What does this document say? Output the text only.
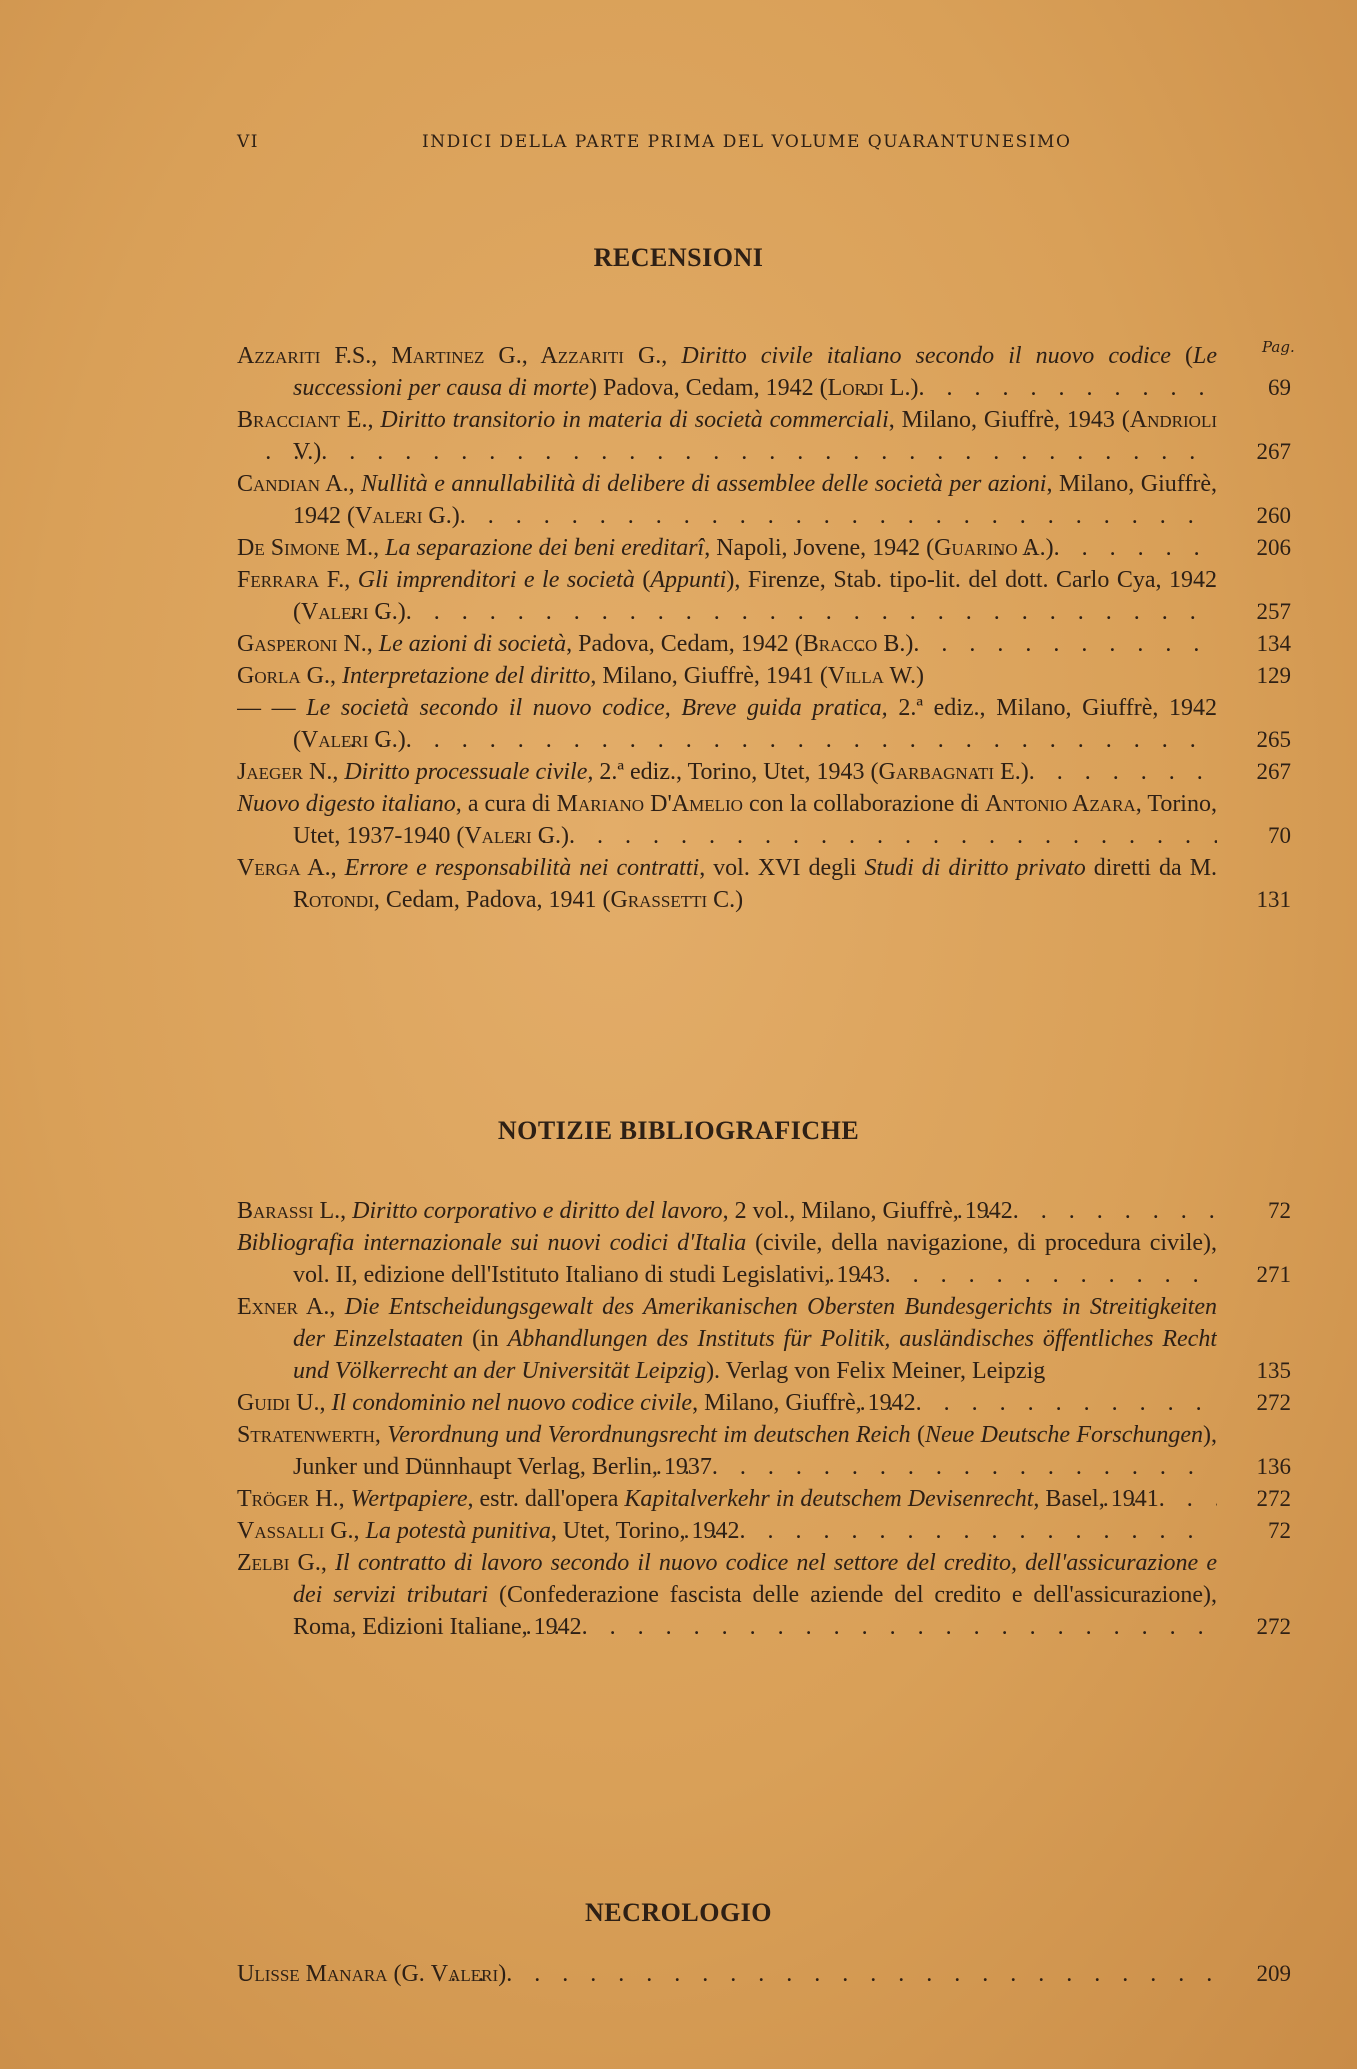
VI	INDICI DELLA PARTE PRIMA DEL VOLUME QUARANTUNESIMO
RECENSIONI
Pag.
Azzariti F.S., Martinez G., Azzariti G., Diritto civile italiano secondo il nuovo codice (Le successioni per causa di morte) Padova, Cedam, 1942 (Lordi L.)	69
Bracciant E., Diritto transitorio in materia di società commerciali, Milano, Giuffrè, 1943 (Andrioli V.)	267
Candian A., Nullità e annullabilità di delibere di assemblee delle società per azioni, Milano, Giuffrè, 1942 (Valeri G.)	260
De Simone M., La separazione dei beni ereditarî, Napoli, Jovene, 1942 (Guarino A.)	206
Ferrara F., Gli imprenditori e le società (Appunti), Firenze, Stab. tipo-lit. del dott. Carlo Cya, 1942 (Valeri G.)	257
Gasperoni N., Le azioni di società, Padova, Cedam, 1942 (Bracco B.)	134
Gorla G., Interpretazione del diritto, Milano, Giuffrè, 1941 (Villa W.)	129
— — Le società secondo il nuovo codice, Breve guida pratica, 2.ª ediz., Milano, Giuffrè, 1942 (Valeri G.)	265
Jaeger N., Diritto processuale civile, 2.ª ediz., Torino, Utet, 1943 (Garbagnati E.)	267
Nuovo digesto italiano, a cura di Mariano D'Amelio con la collaborazione di Antonio Azara, Torino, Utet, 1937-1940 (Valeri G.)	70
Verga A., Errore e responsabilità nei contratti, vol. XVI degli Studi di diritto privato diretti da M. Rotondi, Cedam, Padova, 1941 (Grassetti C.)	131
NOTIZIE BIBLIOGRAFICHE
Barassi L., Diritto corporativo e diritto del lavoro, 2 vol., Milano, Giuffrè, 1942	72
Bibliografia internazionale sui nuovi codici d'Italia (civile, della navigazione, di procedura civile), vol. II, edizione dell'Istituto Italiano di studi Legislativi, 1943	271
Exner A., Die Entscheidungsgewalt des Amerikanischen Obersten Bundesgerichts in Streitigkeiten der Einzelstaaten (in Abhandlungen des Instituts für Politik, ausländisches öffentliches Recht und Völkerrecht an der Universität Leipzig). Verlag von Felix Meiner, Leipzig	135
Guidi U., Il condominio nel nuovo codice civile, Milano, Giuffrè, 1942	272
Stratenwerth, Verordnung und Verordnungsrecht im deutschen Reich (Neue Deutsche Forschungen), Junker und Dünnhaupt Verlag, Berlin, 1937	136
Tröger H., Wertpapiere, estr. dall'opera Kapitalverkehr in deutschem Devisenrecht, Basel, 1941	272
Vassalli G., La potestà punitiva, Utet, Torino, 1942	72
Zelbi G., Il contratto di lavoro secondo il nuovo codice nel settore del credito, dell'assicurazione e dei servizi tributari (Confederazione fascista delle aziende del credito e dell'assicurazione), Roma, Edizioni Italiane, 1942	272
NECROLOGIO
Ulisse Manara (G. Valeri)	209
